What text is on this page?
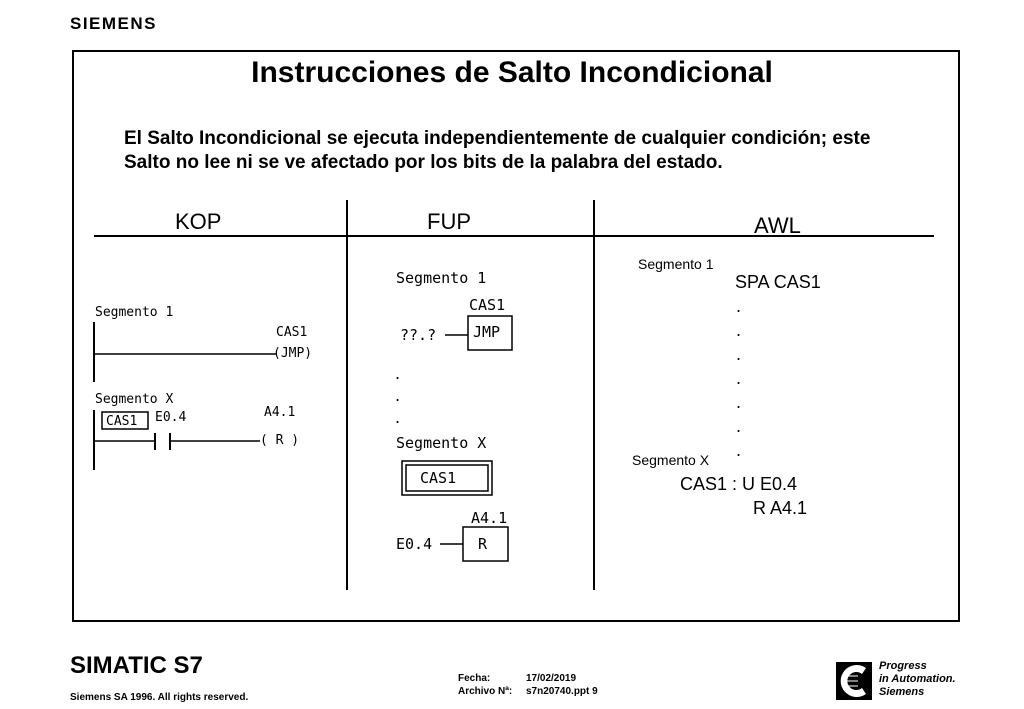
SIEMENS
Instrucciones de Salto Incondicional
El Salto Incondicional se ejecuta independientemente de cualquier condición; este Salto no lee ni se ve afectado por los bits de la palabra del estado.
KOP	FUP	AWL
Segmento 1
CAS1
(JMP)
Segmento X
CAS1 E0.4	A4.1
( R )
Segmento 1
CAS1
??.? JMP
.
.
.
Segmento X
CAS1
A4.1
E0.4	R
Segmento 1
SPA CAS1
.
.
.
.
.
.
.
Segmento X
CAS1 : U E0.4
R A4.1
SIMATIC S7
Siemens SA 1996. All rights reserved.
Fecha:	17/02/2019
Archivo Nª: s7n20740.ppt 9
Progress
in Automation.
Siemens
